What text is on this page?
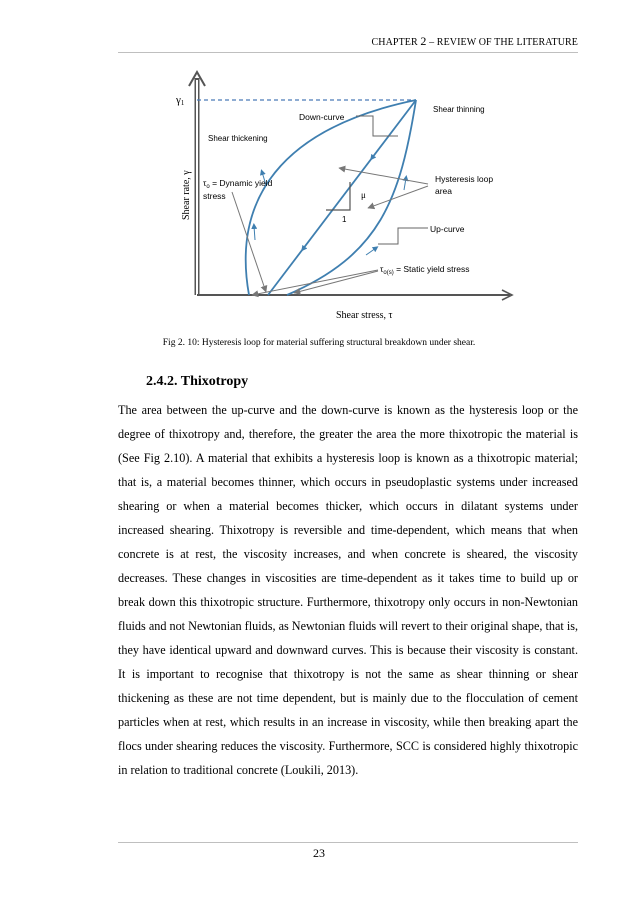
CHAPTER 2 – REVIEW OF THE LITERATURE
Shear rate, γ
Shear stress, τ
γ1
Shear thinning
Down-curve
Shear thickening
$\tau_o$ = Dynamic yield
stress	μ
1
Hysteresis loop
area
Up-curve
$\tau_{o(s)}$ = Static yield stress
Fig 2. 10: Hysteresis loop for material suffering structural breakdown under shear.
2.4.2. Thixotropy

The area between the up-curve and the down-curve is known as the hysteresis loop or the degree of thixotropy and, therefore, the greater the area the more thixotropic the material is (See Fig 2.10). A material that exhibits a hysteresis loop is known as a thixotropic material; that is, a material becomes thinner, which occurs in pseudoplastic systems under increased shearing or when a material becomes thicker, which occurs in dilatant systems under increased shearing. Thixotropy is reversible and time-dependent, which means that when concrete is at rest, the viscosity increases, and when concrete is sheared, the viscosity decreases. These changes in viscosities are time-dependent as it takes time to build up or break down this thixotropic structure. Furthermore, thixotropy only occurs in non-Newtonian fluids and not Newtonian fluids, as Newtonian fluids will revert to their original shape, that is, they have identical upward and downward curves. This is because their viscosity is constant. It is important to recognise that thixotropy is not the same as shear thinning or shear thickening as these are not time dependent, but is mainly due to the flocculation of cement particles when at rest, which results in an increase in viscosity, while then breaking apart the flocs under shearing reduces the viscosity. Furthermore, SCC is considered highly thixotropic in relation to traditional concrete (Loukili, 2013).

23
